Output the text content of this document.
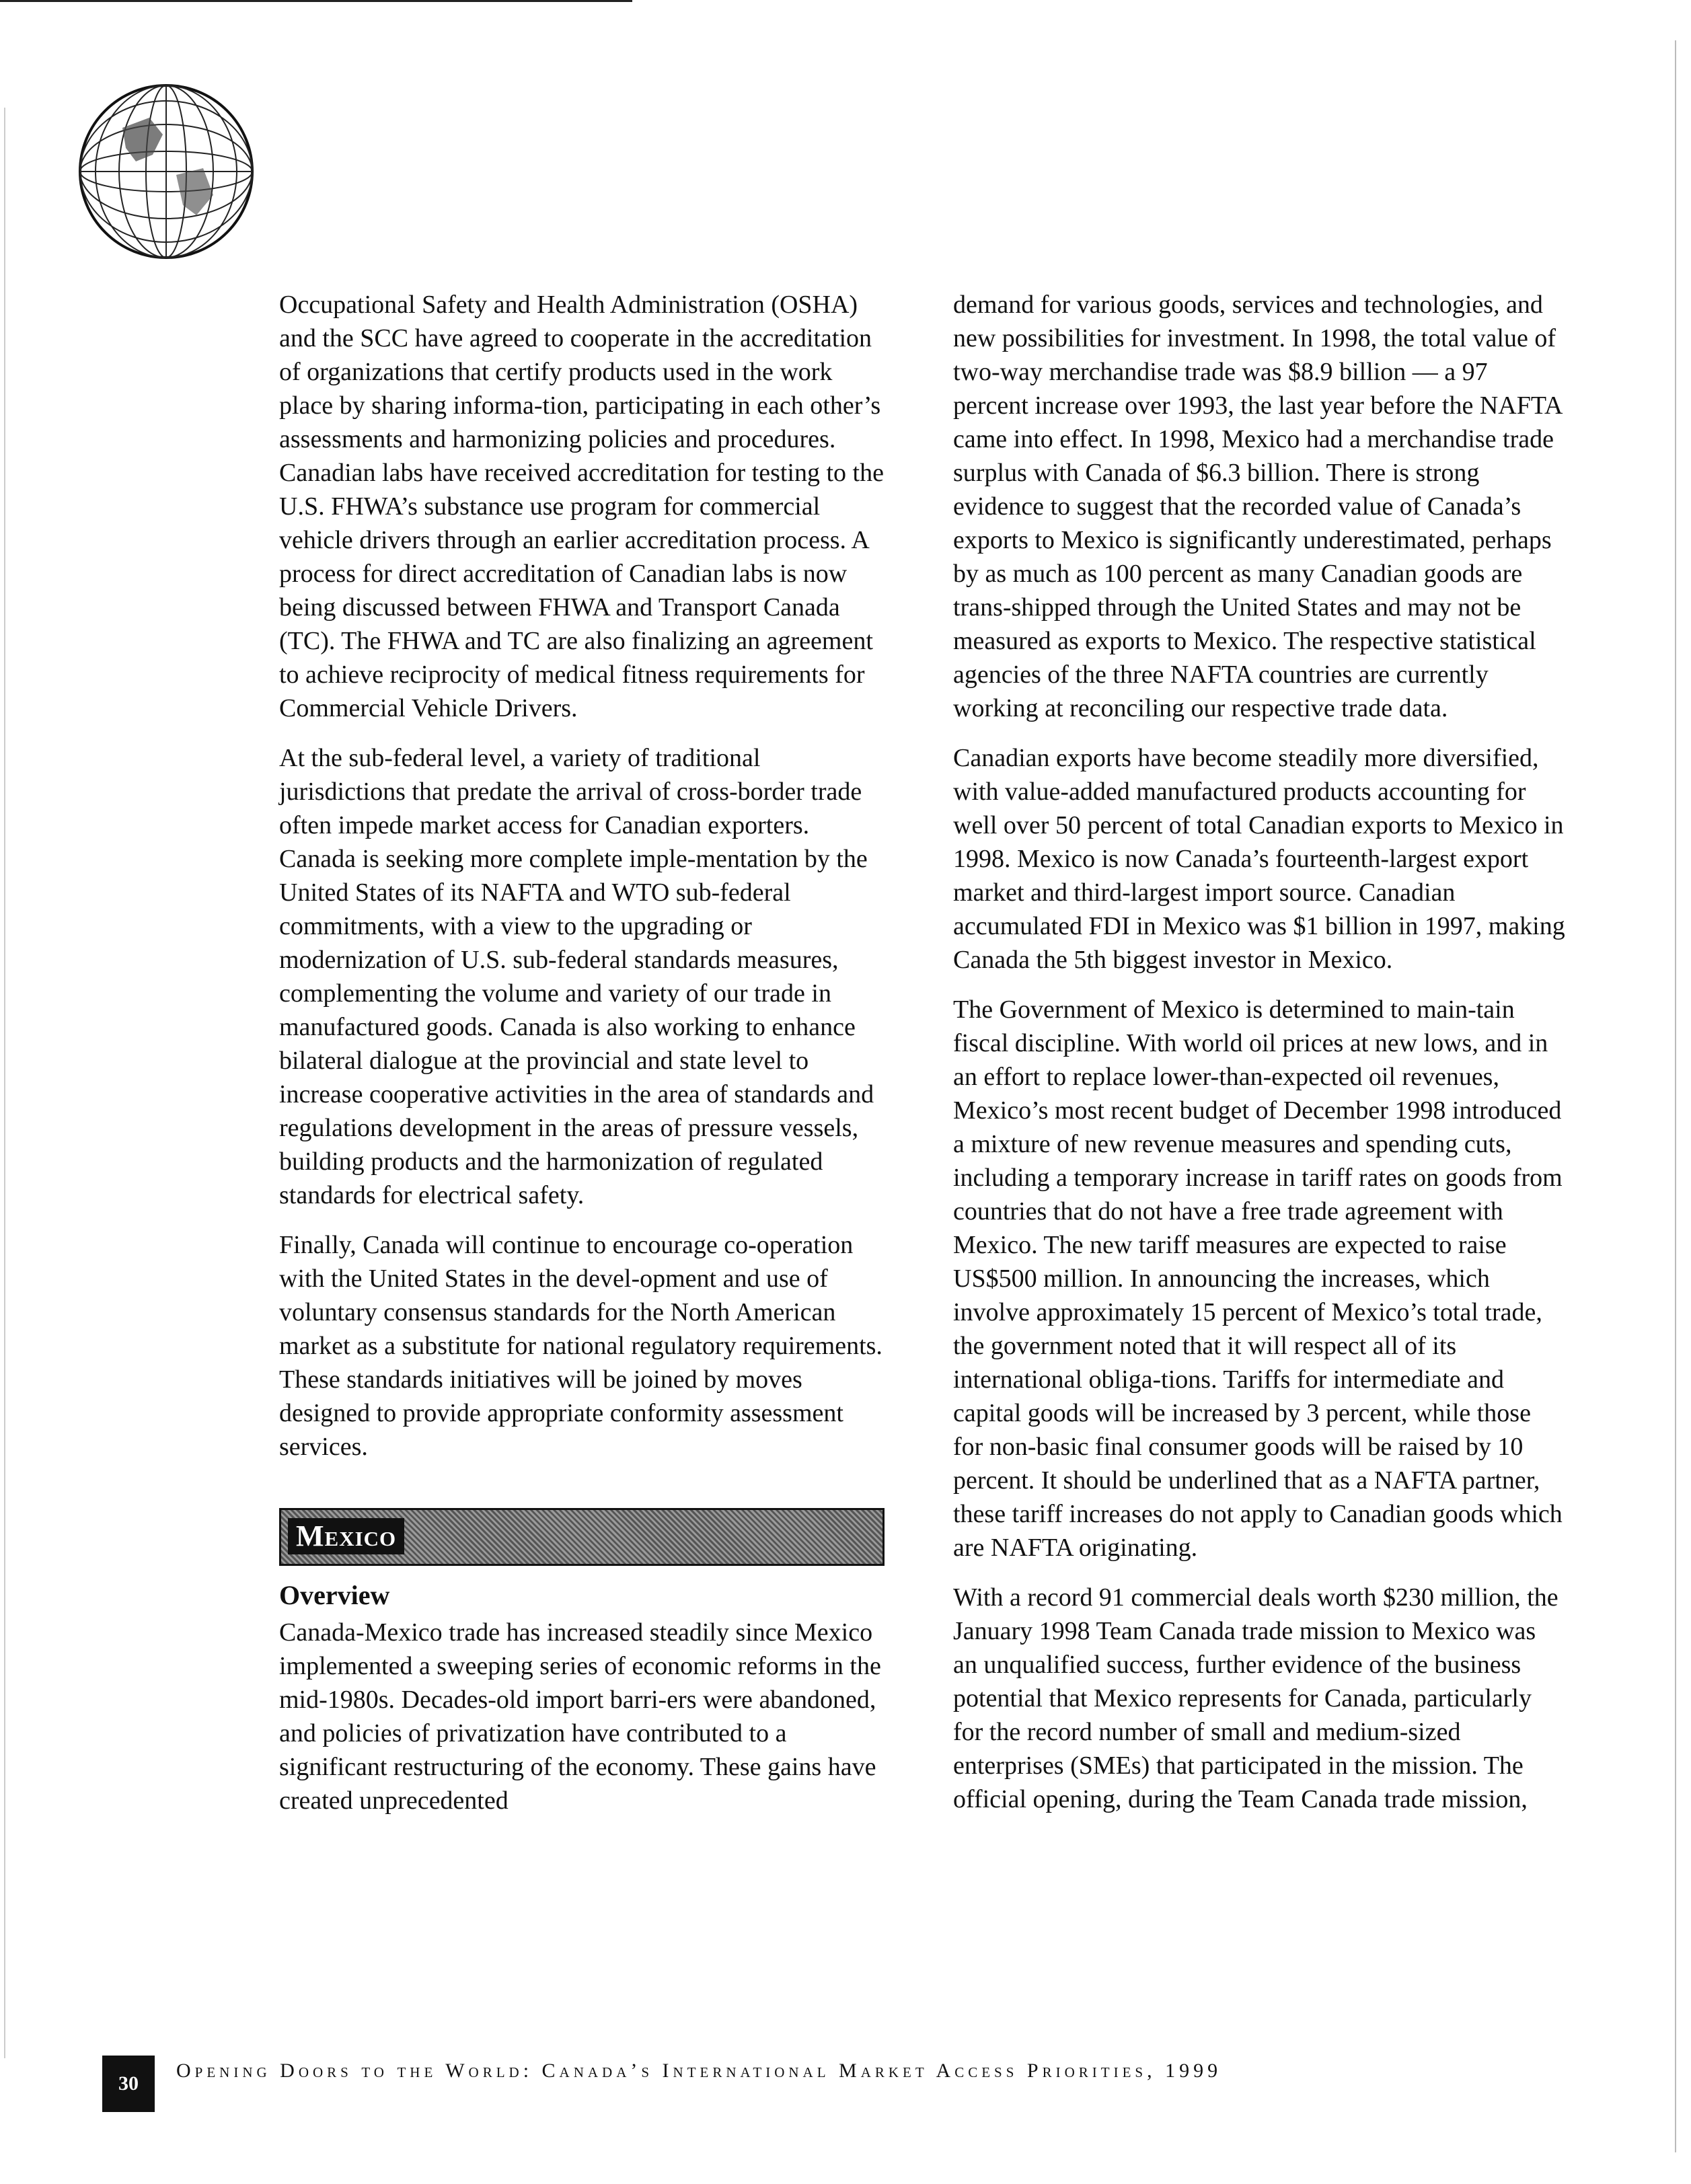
Occupational Safety and Health Administration (OSHA) and the SCC have agreed to cooperate in the accreditation of organizations that certify products used in the work place by sharing informa-tion, participating in each other’s assessments and harmonizing policies and procedures. Canadian labs have received accreditation for testing to the U.S. FHWA’s substance use program for commercial vehicle drivers through an earlier accreditation process. A process for direct accreditation of Canadian labs is now being discussed between FHWA and Transport Canada (TC). The FHWA and TC are also finalizing an agreement to achieve reciprocity of medical fitness requirements for Commercial Vehicle Drivers.

At the sub-federal level, a variety of traditional jurisdictions that predate the arrival of cross-border trade often impede market access for Canadian exporters. Canada is seeking more complete imple-mentation by the United States of its NAFTA and WTO sub-federal commitments, with a view to the upgrading or modernization of U.S. sub-federal standards measures, complementing the volume and variety of our trade in manufactured goods. Canada is also working to enhance bilateral dialogue at the provincial and state level to increase cooperative activities in the area of standards and regulations development in the areas of pressure vessels, building products and the harmonization of regulated standards for electrical safety.

Finally, Canada will continue to encourage co-operation with the United States in the devel-opment and use of voluntary consensus standards for the North American market as a substitute for national regulatory requirements. These standards initiatives will be joined by moves designed to provide appropriate conformity assessment services.

Mexico
Overview

Canada-Mexico trade has increased steadily since Mexico implemented a sweeping series of economic reforms in the mid-1980s. Decades-old import barri-ers were abandoned, and policies of privatization have contributed to a significant restructuring of the economy. These gains have created unprecedented

demand for various goods, services and technologies, and new possibilities for investment. In 1998, the total value of two-way merchandise trade was $8.9 billion — a 97 percent increase over 1993, the last year before the NAFTA came into effect. In 1998, Mexico had a merchandise trade surplus with Canada of $6.3 billion. There is strong evidence to suggest that the recorded value of Canada’s exports to Mexico is significantly underestimated, perhaps by as much as 100 percent as many Canadian goods are trans-shipped through the United States and may not be measured as exports to Mexico. The respective statistical agencies of the three NAFTA countries are currently working at reconciling our respective trade data.

Canadian exports have become steadily more diversified, with value-added manufactured products accounting for well over 50 percent of total Canadian exports to Mexico in 1998. Mexico is now Canada’s fourteenth-largest export market and third-largest import source. Canadian accumulated FDI in Mexico was $1 billion in 1997, making Canada the 5th biggest investor in Mexico.

The Government of Mexico is determined to main-tain fiscal discipline. With world oil prices at new lows, and in an effort to replace lower-than-expected oil revenues, Mexico’s most recent budget of December 1998 introduced a mixture of new revenue measures and spending cuts, including a temporary increase in tariff rates on goods from countries that do not have a free trade agreement with Mexico. The new tariff measures are expected to raise US$500 million. In announcing the increases, which involve approximately 15 percent of Mexico’s total trade, the government noted that it will respect all of its international obliga-tions. Tariffs for intermediate and capital goods will be increased by 3 percent, while those for non-basic final consumer goods will be raised by 10 percent. It should be underlined that as a NAFTA partner, these tariff increases do not apply to Canadian goods which are NAFTA originating.

With a record 91 commercial deals worth $230 million, the January 1998 Team Canada trade mission to Mexico was an unqualified success, further evidence of the business potential that Mexico represents for Canada, particularly for the record number of small and medium-sized enterprises (SMEs) that participated in the mission. The official opening, during the Team Canada trade mission,

30
Opening Doors to the World: Canada’s International Market Access Priorities, 1999
